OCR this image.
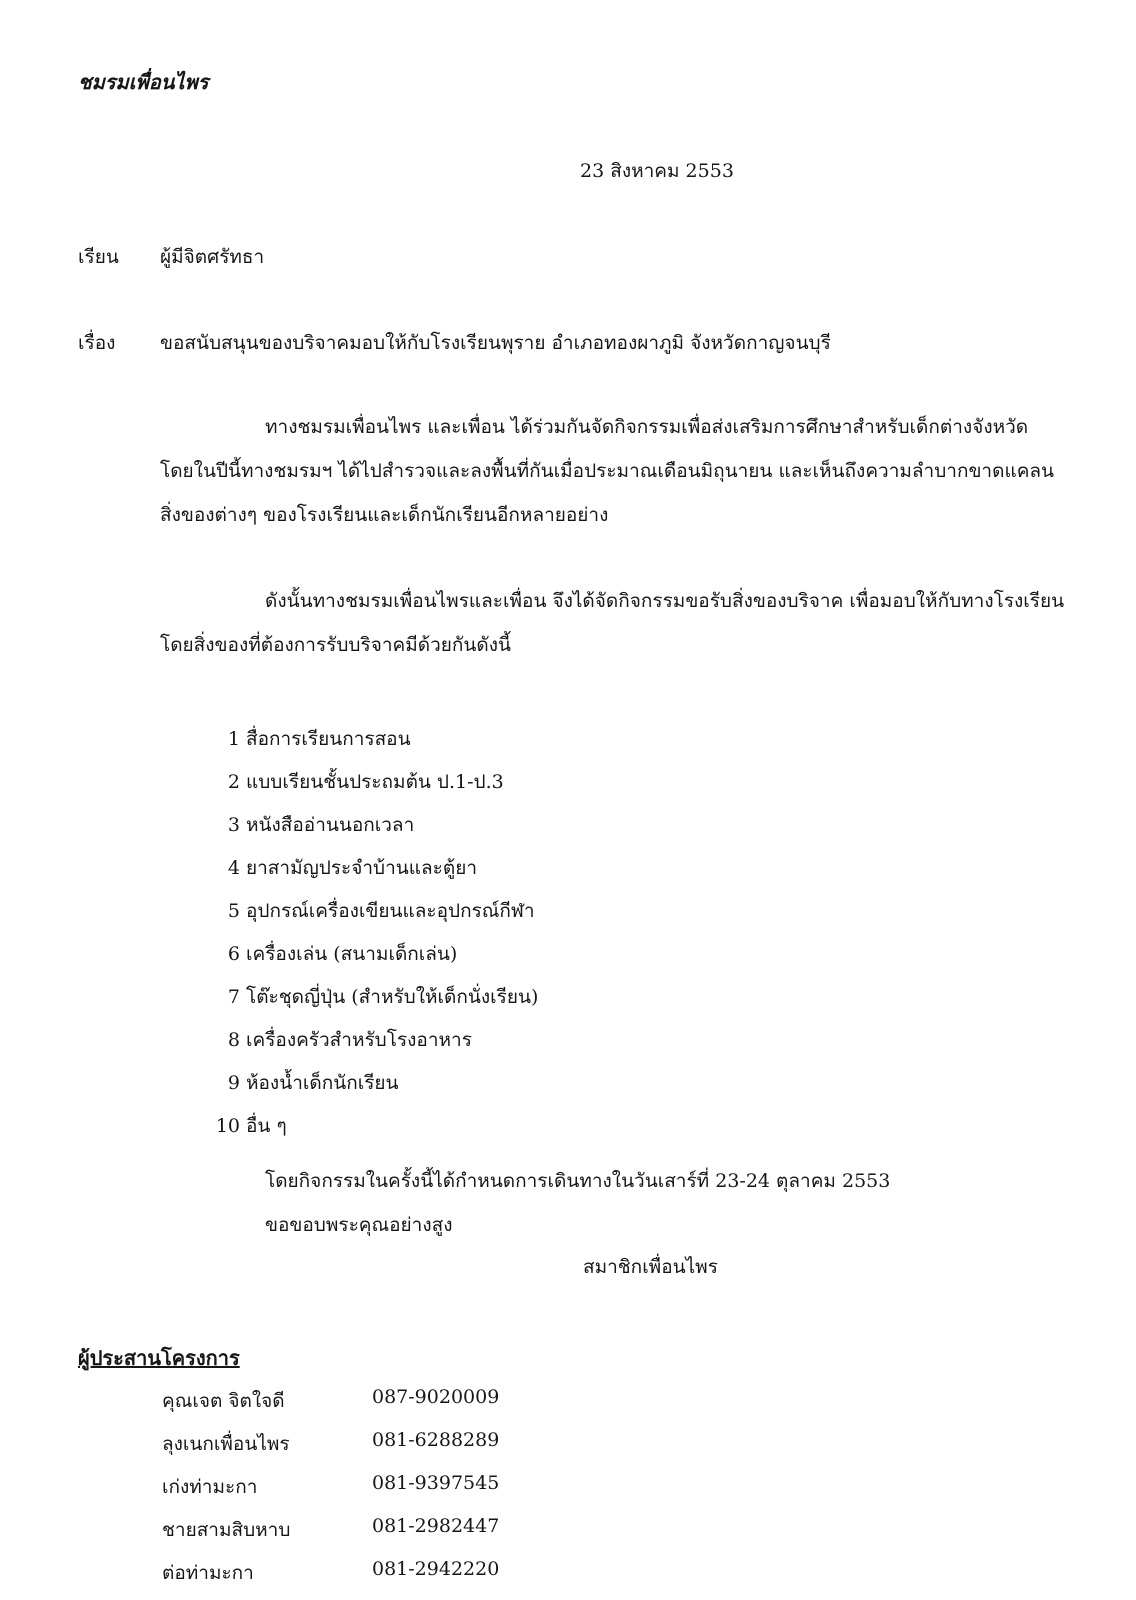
ชมรมเพื่อนไพร
23 สิงหาคม 2553
เรียน ผู้มีจิตศรัทธา
เรื่อง ขอสนับสนุนของบริจาคมอบให้กับโรงเรียนพุราย อำเภอทองผาภูมิ จังหวัดกาญจนบุรี
ทางชมรมเพื่อนไพร และเพื่อน ได้ร่วมกันจัดกิจกรรมเพื่อส่งเสริมการศึกษาสำหรับเด็กต่างจังหวัด
โดยในปีนี้ทางชมรมฯ ได้ไปสำรวจและลงพื้นที่กันเมื่อประมาณเดือนมิถุนายน และเห็นถึงความลำบากขาดแคลน
สิ่งของต่างๆ ของโรงเรียนและเด็กนักเรียนอีกหลายอย่าง
ดังนั้นทางชมรมเพื่อนไพรและเพื่อน จึงได้จัดกิจกรรมขอรับสิ่งของบริจาค เพื่อมอบให้กับทางโรงเรียน
โดยสิ่งของที่ต้องการรับบริจาคมีด้วยกันดังนี้
1 สื่อการเรียนการสอน
2 แบบเรียนชั้นประถมต้น ป.1-ป.3
3 หนังสืออ่านนอกเวลา
4 ยาสามัญประจำบ้านและตู้ยา
5 อุปกรณ์เครื่องเขียนและอุปกรณ์กีฬา
6 เครื่องเล่น (สนามเด็กเล่น)
7 โต๊ะชุดญี่ปุ่น (สำหรับให้เด็กนั่งเรียน)
8 เครื่องครัวสำหรับโรงอาหาร
9 ห้องน้ำเด็กนักเรียน
10 อื่น ๆ
โดยกิจกรรมในครั้งนี้ได้กำหนดการเดินทางในวันเสาร์ที่ 23-24 ตุลาคม 2553
ขอขอบพระคุณอย่างสูง
สมาชิกเพื่อนไพร
ผู้ประสานโครงการ
คุณเจต จิตใจดี	087-9020009
ลุงเนกเพื่อนไพร	081-6288289
เก่งท่ามะกา	081-9397545
ชายสามสิบหาบ	081-2982447
ต่อท่ามะกา	081-2942220
